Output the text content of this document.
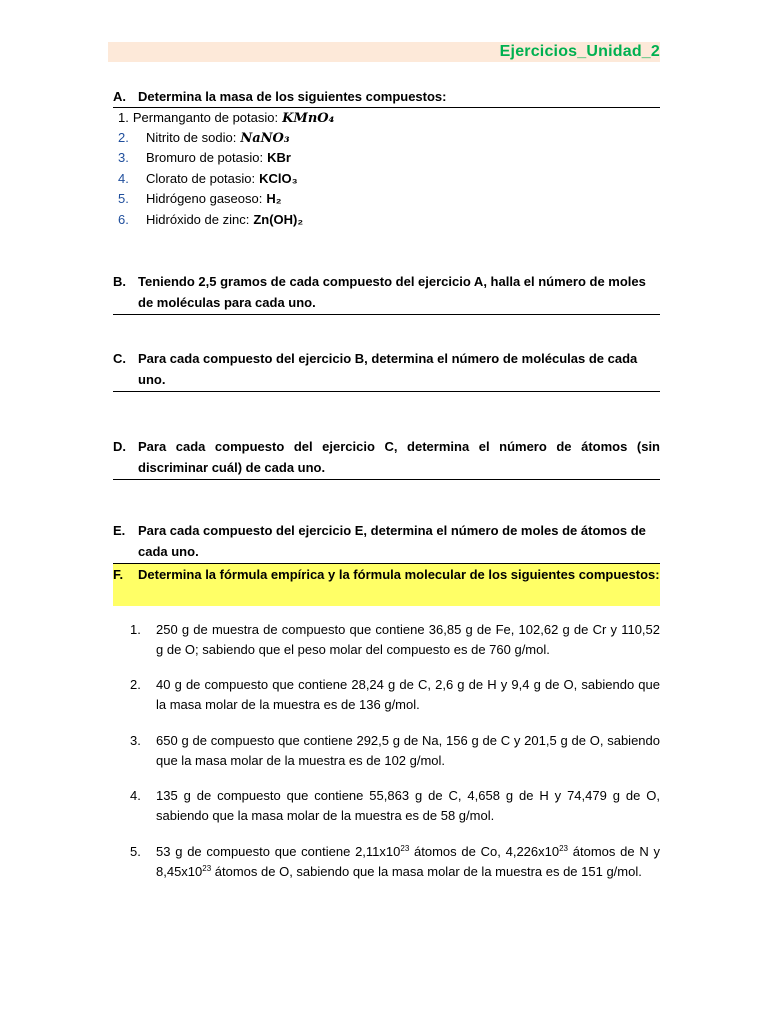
Ejercicios_Unidad_2
A. Determina la masa de los siguientes compuestos:
1. Permanganto de potasio: KMnO₄
2. Nitrito de sodio: NaNO₃
3. Bromuro de potasio: KBr
4. Clorato de potasio: KClO₃
5. Hidrógeno gaseoso: H₂
6. Hidróxido de zinc: Zn(OH)₂
B. Teniendo 2,5 gramos de cada compuesto del ejercicio A, halla el número de moles de moléculas para cada uno.
C. Para cada compuesto del ejercicio B, determina el número de moléculas de cada uno.
D. Para cada compuesto del ejercicio C, determina el número de átomos (sin discriminar cuál) de cada uno.
E. Para cada compuesto del ejercicio E, determina el número de moles de átomos de cada uno.
F. Determina la fórmula empírica y la fórmula molecular de los siguientes compuestos:
1. 250 g de muestra de compuesto que contiene 36,85 g de Fe, 102,62 g de Cr y 110,52 g de O; sabiendo que el peso molar del compuesto es de 760 g/mol.
2. 40 g de compuesto que contiene 28,24 g de C, 2,6 g de H y 9,4 g de O, sabiendo que la masa molar de la muestra es de 136 g/mol.
3. 650 g de compuesto que contiene 292,5 g de Na, 156 g de C y 201,5 g de O, sabiendo que la masa molar de la muestra es de 102 g/mol.
4. 135 g de compuesto que contiene 55,863 g de C, 4,658 g de H y 74,479 g de O, sabiendo que la masa molar de la muestra es de 58 g/mol.
5. 53 g de compuesto que contiene $2,11x10^{23}$ átomos de Co, $4,226x10^{23}$ átomos de N y $8,45x10^{23}$ átomos de O, sabiendo que la masa molar de la muestra es de 151 g/mol.
